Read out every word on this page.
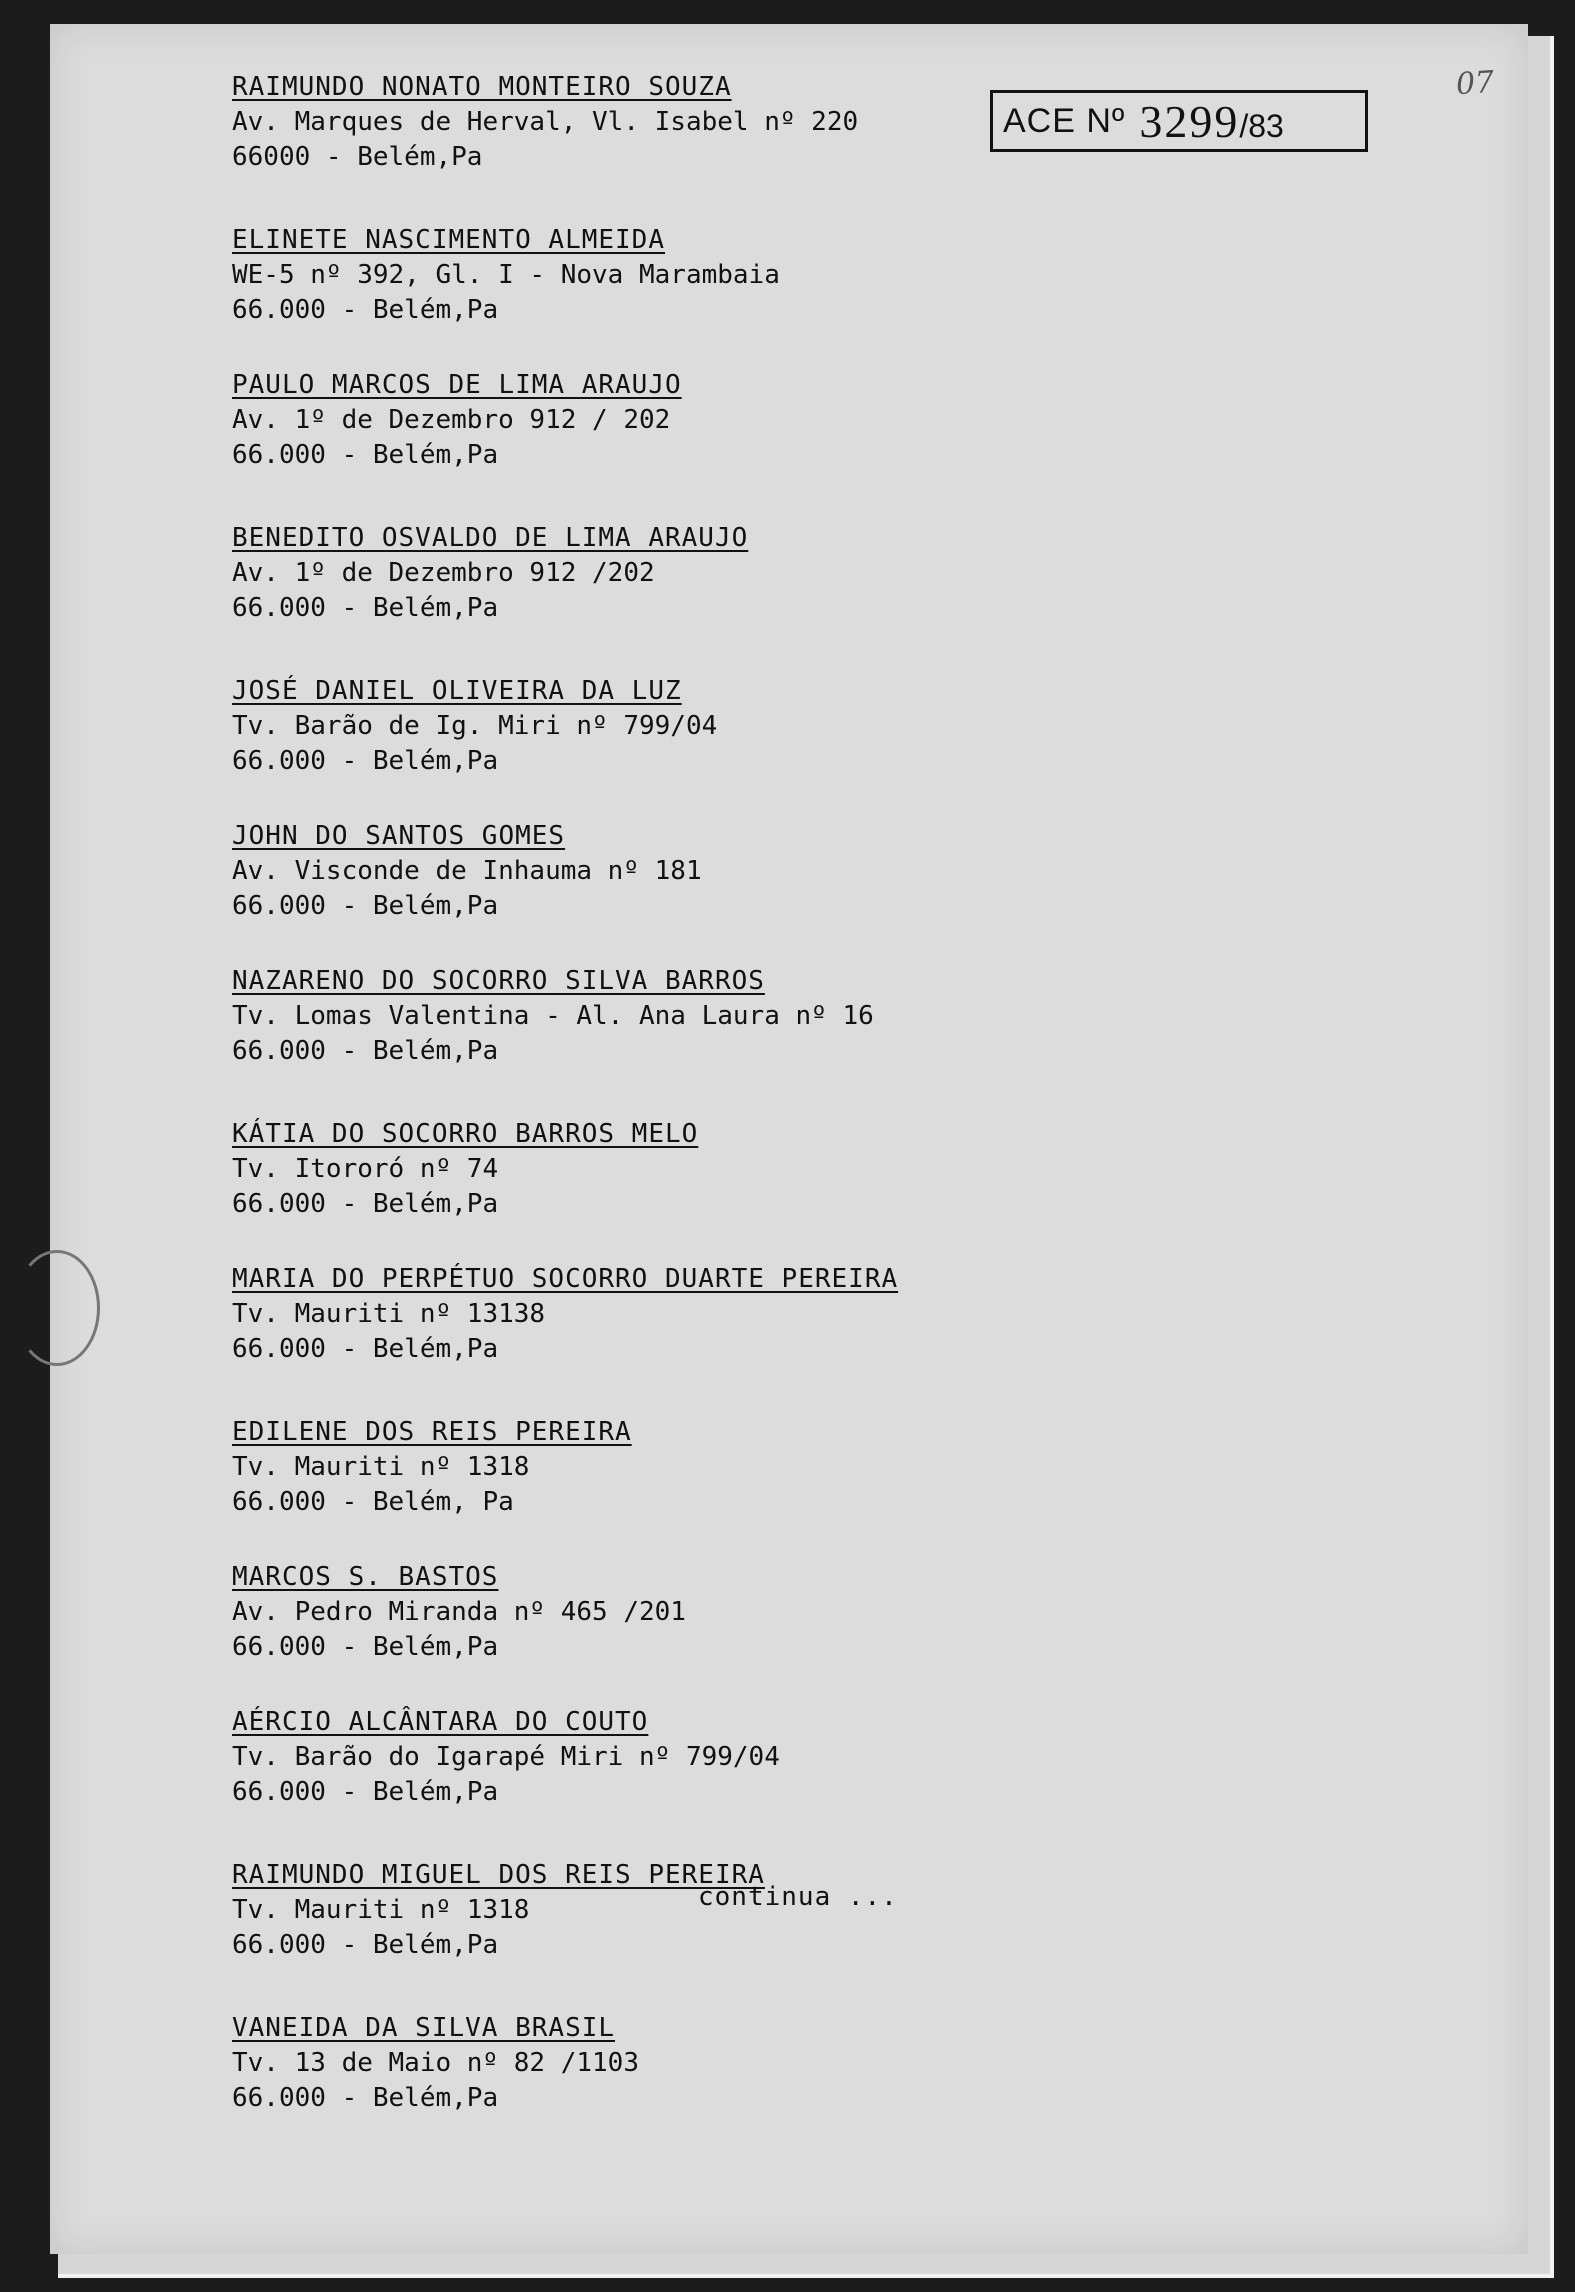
07
ACE Nº 3299/83
RAIMUNDO NONATO MONTEIRO SOUZA
Av. Marques de Herval, Vl. Isabel nº 220
66000 - Belém,Pa
ELINETE NASCIMENTO ALMEIDA
WE-5 nº 392, Gl. I - Nova Marambaia
66.000 - Belém,Pa
PAULO MARCOS DE LIMA ARAUJO
Av. 1º de Dezembro 912 / 202
66.000 - Belém,Pa
BENEDITO OSVALDO DE LIMA ARAUJO
Av. 1º de Dezembro 912 /202
66.000 - Belém,Pa
JOSÉ DANIEL OLIVEIRA DA LUZ
Tv. Barão de Ig. Miri nº 799/04
66.000 - Belém,Pa
JOHN DO SANTOS GOMES
Av. Visconde de Inhauma nº 181
66.000 - Belém,Pa
NAZARENO DO SOCORRO SILVA BARROS
Tv. Lomas Valentina - Al. Ana Laura nº 16
66.000 - Belém,Pa
KÁTIA DO SOCORRO BARROS MELO
Tv. Itororó nº 74
66.000 - Belém,Pa
MARIA DO PERPÉTUO SOCORRO DUARTE PEREIRA
Tv. Mauriti nº 13138
66.000 - Belém,Pa
EDILENE DOS REIS PEREIRA
Tv. Mauriti nº 1318
66.000 - Belém, Pa
MARCOS S. BASTOS
Av. Pedro Miranda nº 465 /201
66.000 - Belém,Pa
AÉRCIO ALCÂNTARA DO COUTO
Tv. Barão do Igarapé Miri nº 799/04
66.000 - Belém,Pa
RAIMUNDO MIGUEL DOS REIS PEREIRA
Tv. Mauriti nº 1318
66.000 - Belém,Pa
VANEIDA DA SILVA BRASIL
Tv. 13 de Maio nº 82 /1103
66.000 - Belém,Pa
continua ...
